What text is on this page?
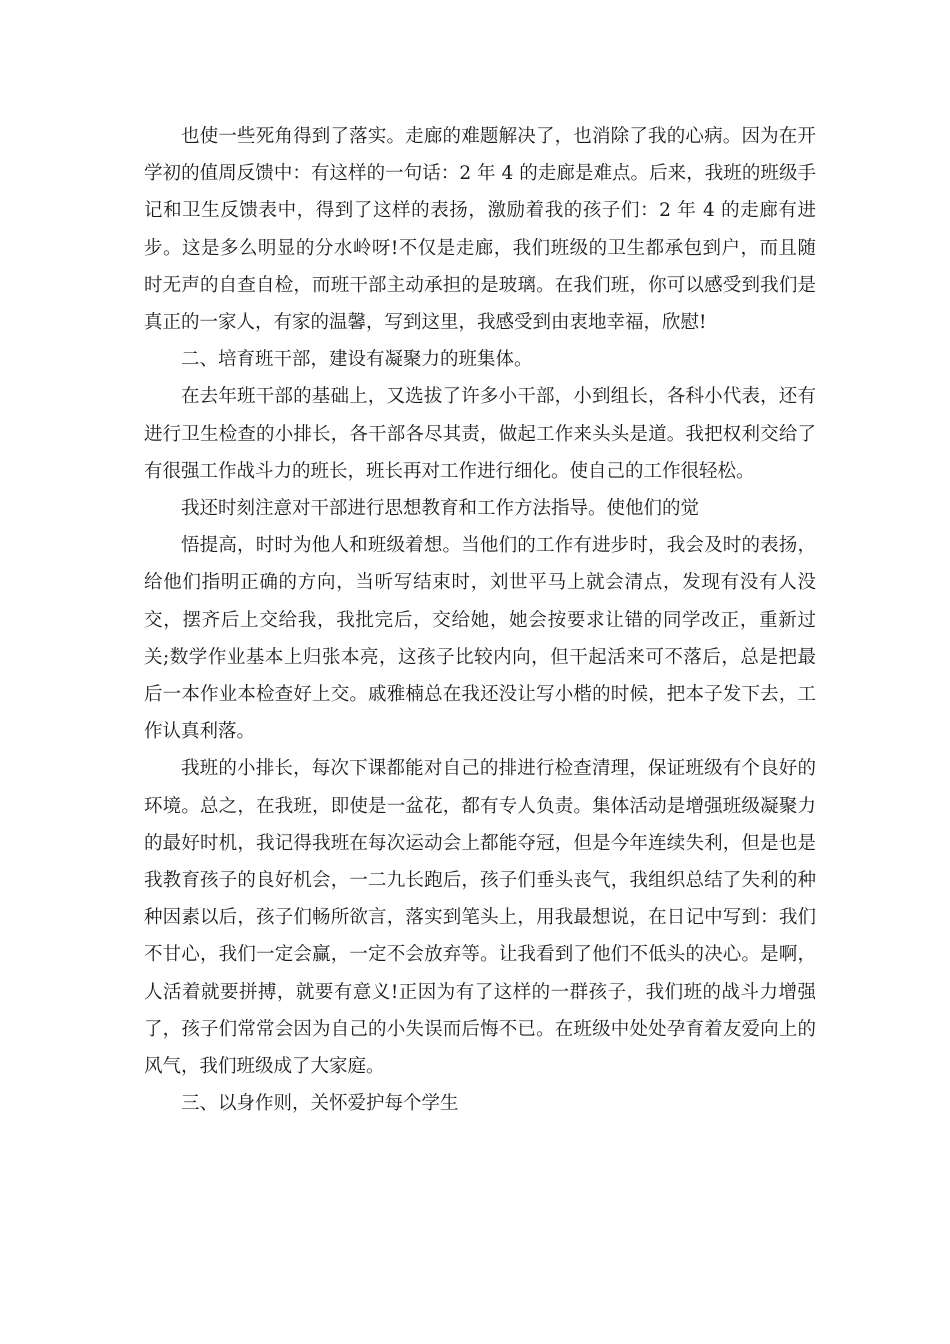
也使一些死角得到了落实。走廊的难题解决了，也消除了我的心病。因为在开学初的值周反馈中：有这样的一句话：2 年 4 的走廊是难点。后来，我班的班级手记和卫生反馈表中，得到了这样的表扬，激励着我的孩子们：2 年 4 的走廊有进步。这是多么明显的分水岭呀!不仅是走廊，我们班级的卫生都承包到户，而且随时无声的自查自检，而班干部主动承担的是玻璃。在我们班，你可以感受到我们是真正的一家人，有家的温馨，写到这里，我感受到由衷地幸福，欣慰!

二、培育班干部，建设有凝聚力的班集体。

在去年班干部的基础上，又选拔了许多小干部，小到组长，各科小代表，还有进行卫生检查的小排长，各干部各尽其责，做起工作来头头是道。我把权利交给了有很强工作战斗力的班长，班长再对工作进行细化。使自己的工作很轻松。

我还时刻注意对干部进行思想教育和工作方法指导。使他们的觉

悟提高，时时为他人和班级着想。当他们的工作有进步时，我会及时的表扬，给他们指明正确的方向，当听写结束时，刘世平马上就会清点，发现有没有人没交，摆齐后上交给我，我批完后，交给她，她会按要求让错的同学改正，重新过关;数学作业基本上归张本亮，这孩子比较内向，但干起活来可不落后，总是把最后一本作业本检查好上交。戚雅楠总在我还没让写小楷的时候，把本子发下去，工作认真利落。

我班的小排长，每次下课都能对自己的排进行检查清理，保证班级有个良好的环境。总之，在我班，即使是一盆花，都有专人负责。集体活动是增强班级凝聚力的最好时机，我记得我班在每次运动会上都能夺冠，但是今年连续失利，但是也是我教育孩子的良好机会，一二九长跑后，孩子们垂头丧气，我组织总结了失利的种种因素以后，孩子们畅所欲言，落实到笔头上，用我最想说，在日记中写到：我们不甘心，我们一定会赢，一定不会放弃等。让我看到了他们不低头的决心。是啊，人活着就要拼搏，就要有意义!正因为有了这样的一群孩子，我们班的战斗力增强了，孩子们常常会因为自己的小失误而后悔不已。在班级中处处孕育着友爱向上的风气，我们班级成了大家庭。

三、以身作则，关怀爱护每个学生
